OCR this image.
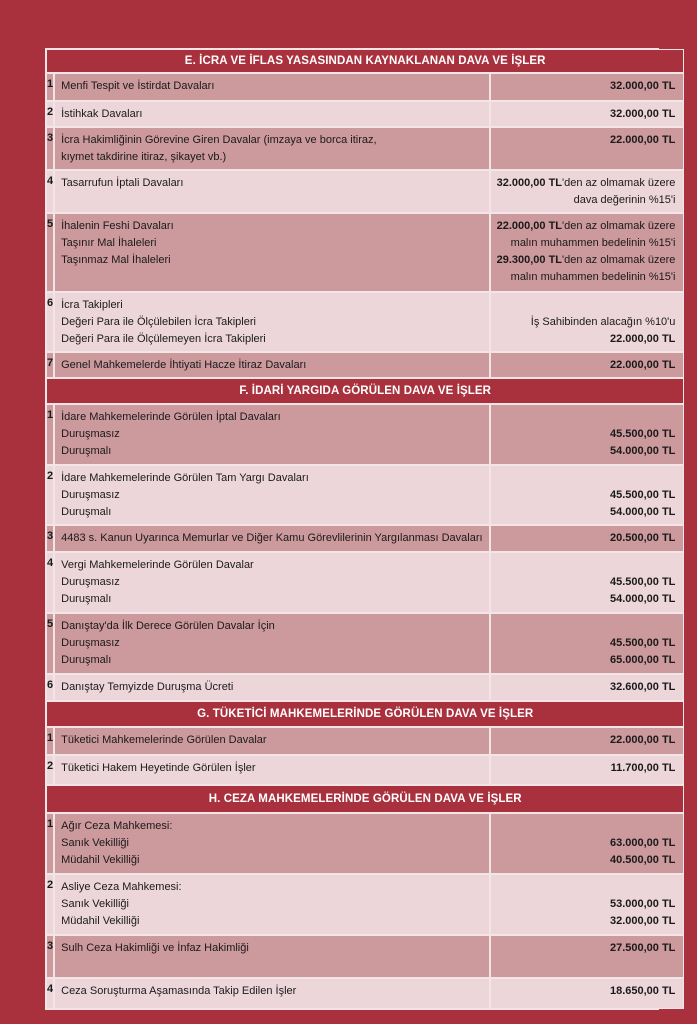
E. İCRA VE İFLAS YASASINDAN KAYNAKLANAN DAVA VE İŞLER		
1	Menfi Tespit ve İstirdat Davaları	32.000,00 TL

2	İstihkak Davaları	32.000,00 TL

3	İcra Hakimliğinin Görevine Giren Davalar (imzaya ve borca itiraz,
kıymet takdirine itiraz, şikayet vb.)	22.000,00 TL

4	Tasarrufun İptali Davaları	32.000,00 TL'den az olmamak üzere
dava değerinin %15'i

5	İhalenin Feshi Davaları
Taşınır Mal İhaleleri
Taşınmaz Mal İhaleleri	22.000,00 TL'den az olmamak üzere
malın muhammen bedelinin %15'i
29.300,00 TL'den az olmamak üzere
malın muhammen bedelinin %15'i

6	İcra Takipleri
Değeri Para ile Ölçülebilen İcra Takipleri
Değeri Para ile Ölçülemeyen İcra Takipleri	İş Sahibinden alacağın %10'u
22.000,00 TL

7	Genel Mahkemelerde İhtiyati Hacze İtiraz Davaları	22.000,00 TL

F. İDARİ YARGIDA GÖRÜLEN DAVA VE İŞLER		
1	İdare Mahkemelerinde Görülen İptal Davaları
Duruşmasız
Duruşmalı	45.500,00 TL
54.000,00 TL

2	İdare Mahkemelerinde Görülen Tam Yargı Davaları
Duruşmasız
Duruşmalı	45.500,00 TL
54.000,00 TL

3	4483 s. Kanun Uyarınca Memurlar ve Diğer Kamu Görevlilerinin Yargılanması Davaları	20.500,00 TL

4	Vergi Mahkemelerinde Görülen Davalar
Duruşmasız
Duruşmalı	45.500,00 TL
54.000,00 TL

5	Danıştay'da İlk Derece Görülen Davalar İçin
Duruşmasız
Duruşmalı	45.500,00 TL
65.000,00 TL

6	Danıştay Temyizde Duruşma Ücreti	32.600,00 TL

G. TÜKETİCİ MAHKEMELERİNDE GÖRÜLEN DAVA VE İŞLER		
1	Tüketici Mahkemelerinde Görülen Davalar	22.000,00 TL

2	Tüketici Hakem Heyetinde Görülen İşler	11.700,00 TL

H. CEZA MAHKEMELERİNDE GÖRÜLEN DAVA VE İŞLER		
1	Ağır Ceza Mahkemesi:
Sanık Vekilliği
Müdahil Vekilliği	63.000,00 TL
40.500,00 TL

2	Asliye Ceza Mahkemesi:
Sanık Vekilliği
Müdahil Vekilliği	53.000,00 TL
32.000,00 TL

3	Sulh Ceza Hakimliği ve İnfaz Hakimliği	27.500,00 TL

4	Ceza Soruşturma Aşamasında Takip Edilen İşler	18.650,00 TL
